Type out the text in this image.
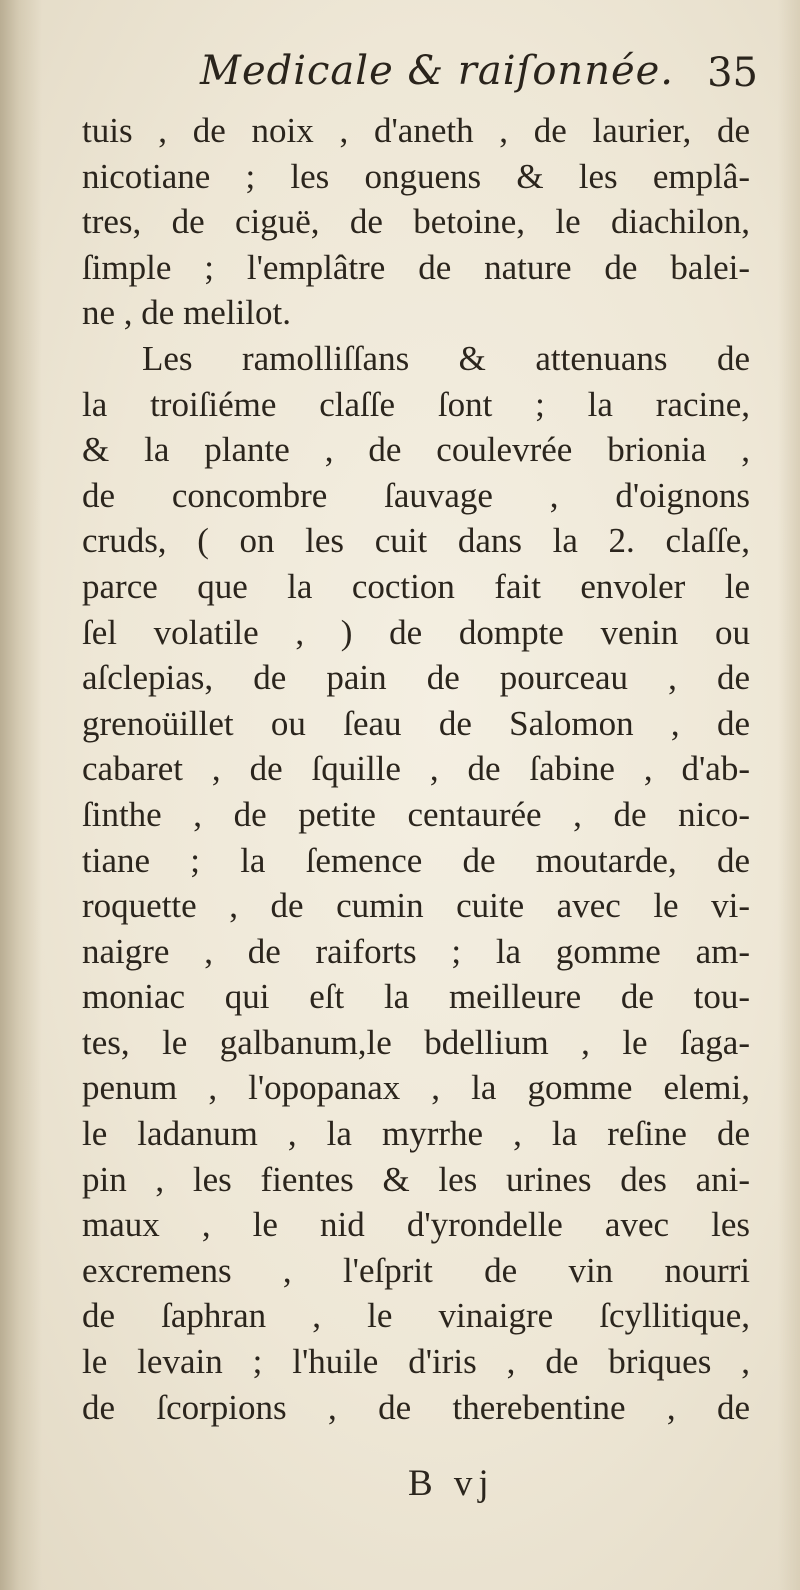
Medicale & raiſonnée. 35
tuis , de noix , d'aneth , de laurier, de
nicotiane ; les onguens & les emplâ-
tres, de ciguë, de betoine, le diachilon,
ſimple ; l'emplâtre de nature de balei-
ne , de melilot.
Les ramolliſſans & attenuans de
la troiſiéme claſſe ſont ; la racine,
& la plante , de coulevrée brionia ,
de concombre ſauvage , d'oignons
cruds, ( on les cuit dans la 2. claſſe,
parce que la coction fait envoler le
ſel volatile , ) de dompte venin ou
aſclepias, de pain de pourceau , de
grenoüillet ou ſeau de Salomon , de
cabaret , de ſquille , de ſabine , d'ab-
ſinthe , de petite centaurée , de nico-
tiane ; la ſemence de moutarde, de
roquette , de cumin cuite avec le vi-
naigre , de raiforts ; la gomme am-
moniac qui eſt la meilleure de tou-
tes, le galbanum,le bdellium , le ſaga-
penum , l'opopanax , la gomme elemi,
le ladanum , la myrrhe , la reſine de
pin , les fientes & les urines des ani-
maux , le nid d'yrondelle avec les
excremens , l'eſprit de vin nourri
de ſaphran , le vinaigre ſcyllitique,
le levain ; l'huile d'iris , de briques ,
de ſcorpions , de therebentine , de
B vj
